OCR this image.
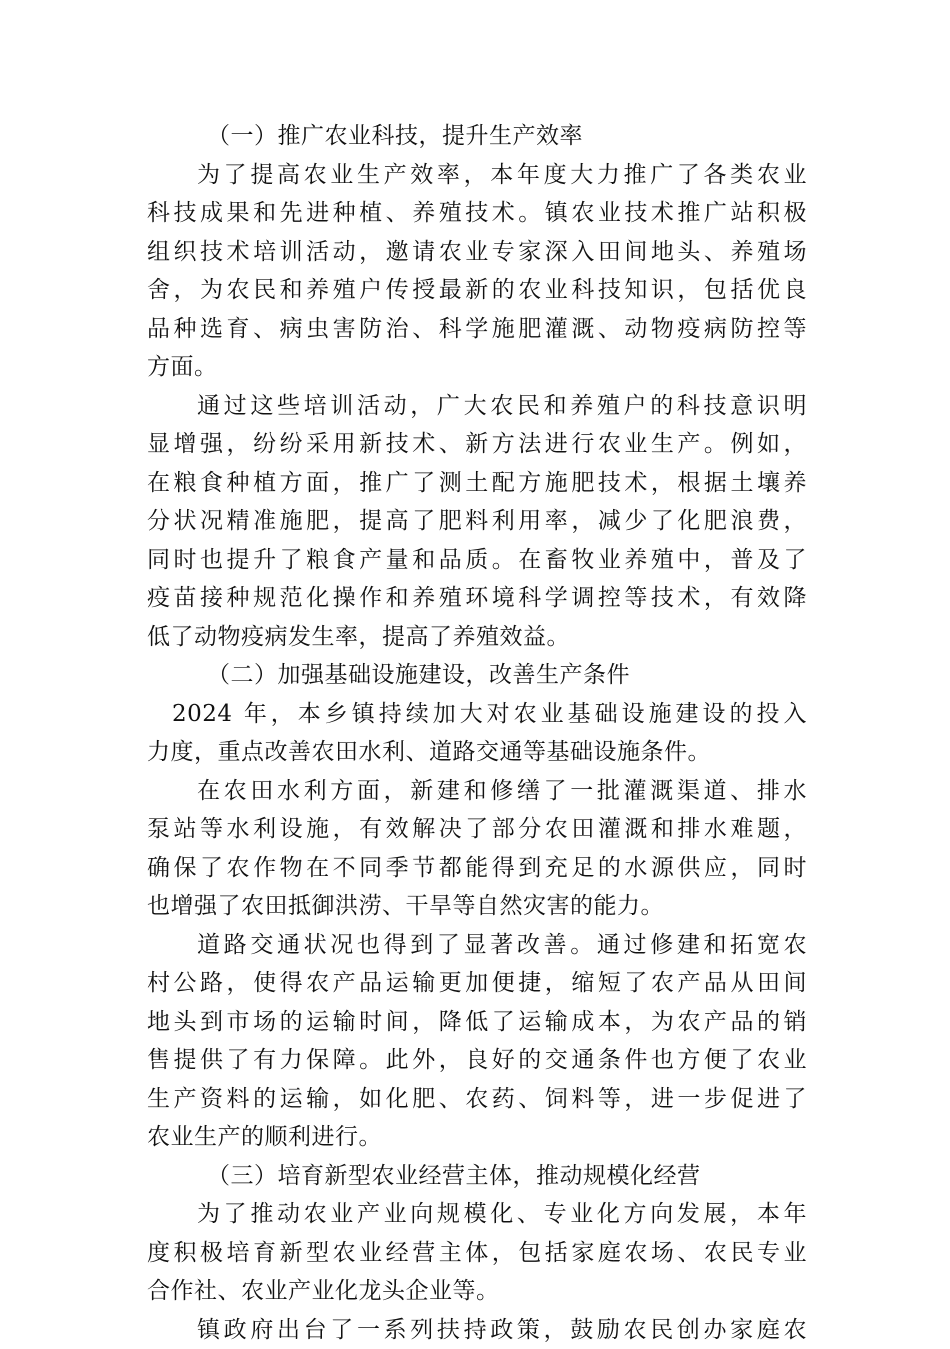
（一）推广农业科技，提升生产效率
为了提高农业生产效率，本年度大力推广了各类农业
科技成果和先进种植、养殖技术。镇农业技术推广站积极
组织技术培训活动，邀请农业专家深入田间地头、养殖场
舍，为农民和养殖户传授最新的农业科技知识，包括优良
品种选育、病虫害防治、科学施肥灌溉、动物疫病防控等
方面。
通过这些培训活动，广大农民和养殖户的科技意识明
显增强，纷纷采用新技术、新方法进行农业生产。例如，
在粮食种植方面，推广了测土配方施肥技术，根据土壤养
分状况精准施肥，提高了肥料利用率，减少了化肥浪费，
同时也提升了粮食产量和品质。在畜牧业养殖中，普及了
疫苗接种规范化操作和养殖环境科学调控等技术，有效降
低了动物疫病发生率，提高了养殖效益。
（二）加强基础设施建设，改善生产条件
2024 年，本乡镇持续加大对农业基础设施建设的投入
力度，重点改善农田水利、道路交通等基础设施条件。
在农田水利方面，新建和修缮了一批灌溉渠道、排水
泵站等水利设施，有效解决了部分农田灌溉和排水难题，
确保了农作物在不同季节都能得到充足的水源供应，同时
也增强了农田抵御洪涝、干旱等自然灾害的能力。
道路交通状况也得到了显著改善。通过修建和拓宽农
村公路，使得农产品运输更加便捷，缩短了农产品从田间
地头到市场的运输时间，降低了运输成本，为农产品的销
售提供了有力保障。此外，良好的交通条件也方便了农业
生产资料的运输，如化肥、农药、饲料等，进一步促进了
农业生产的顺利进行。
（三）培育新型农业经营主体，推动规模化经营
为了推动农业产业向规模化、专业化方向发展，本年
度积极培育新型农业经营主体，包括家庭农场、农民专业
合作社、农业产业化龙头企业等。
镇政府出台了一系列扶持政策，鼓励农民创办家庭农
